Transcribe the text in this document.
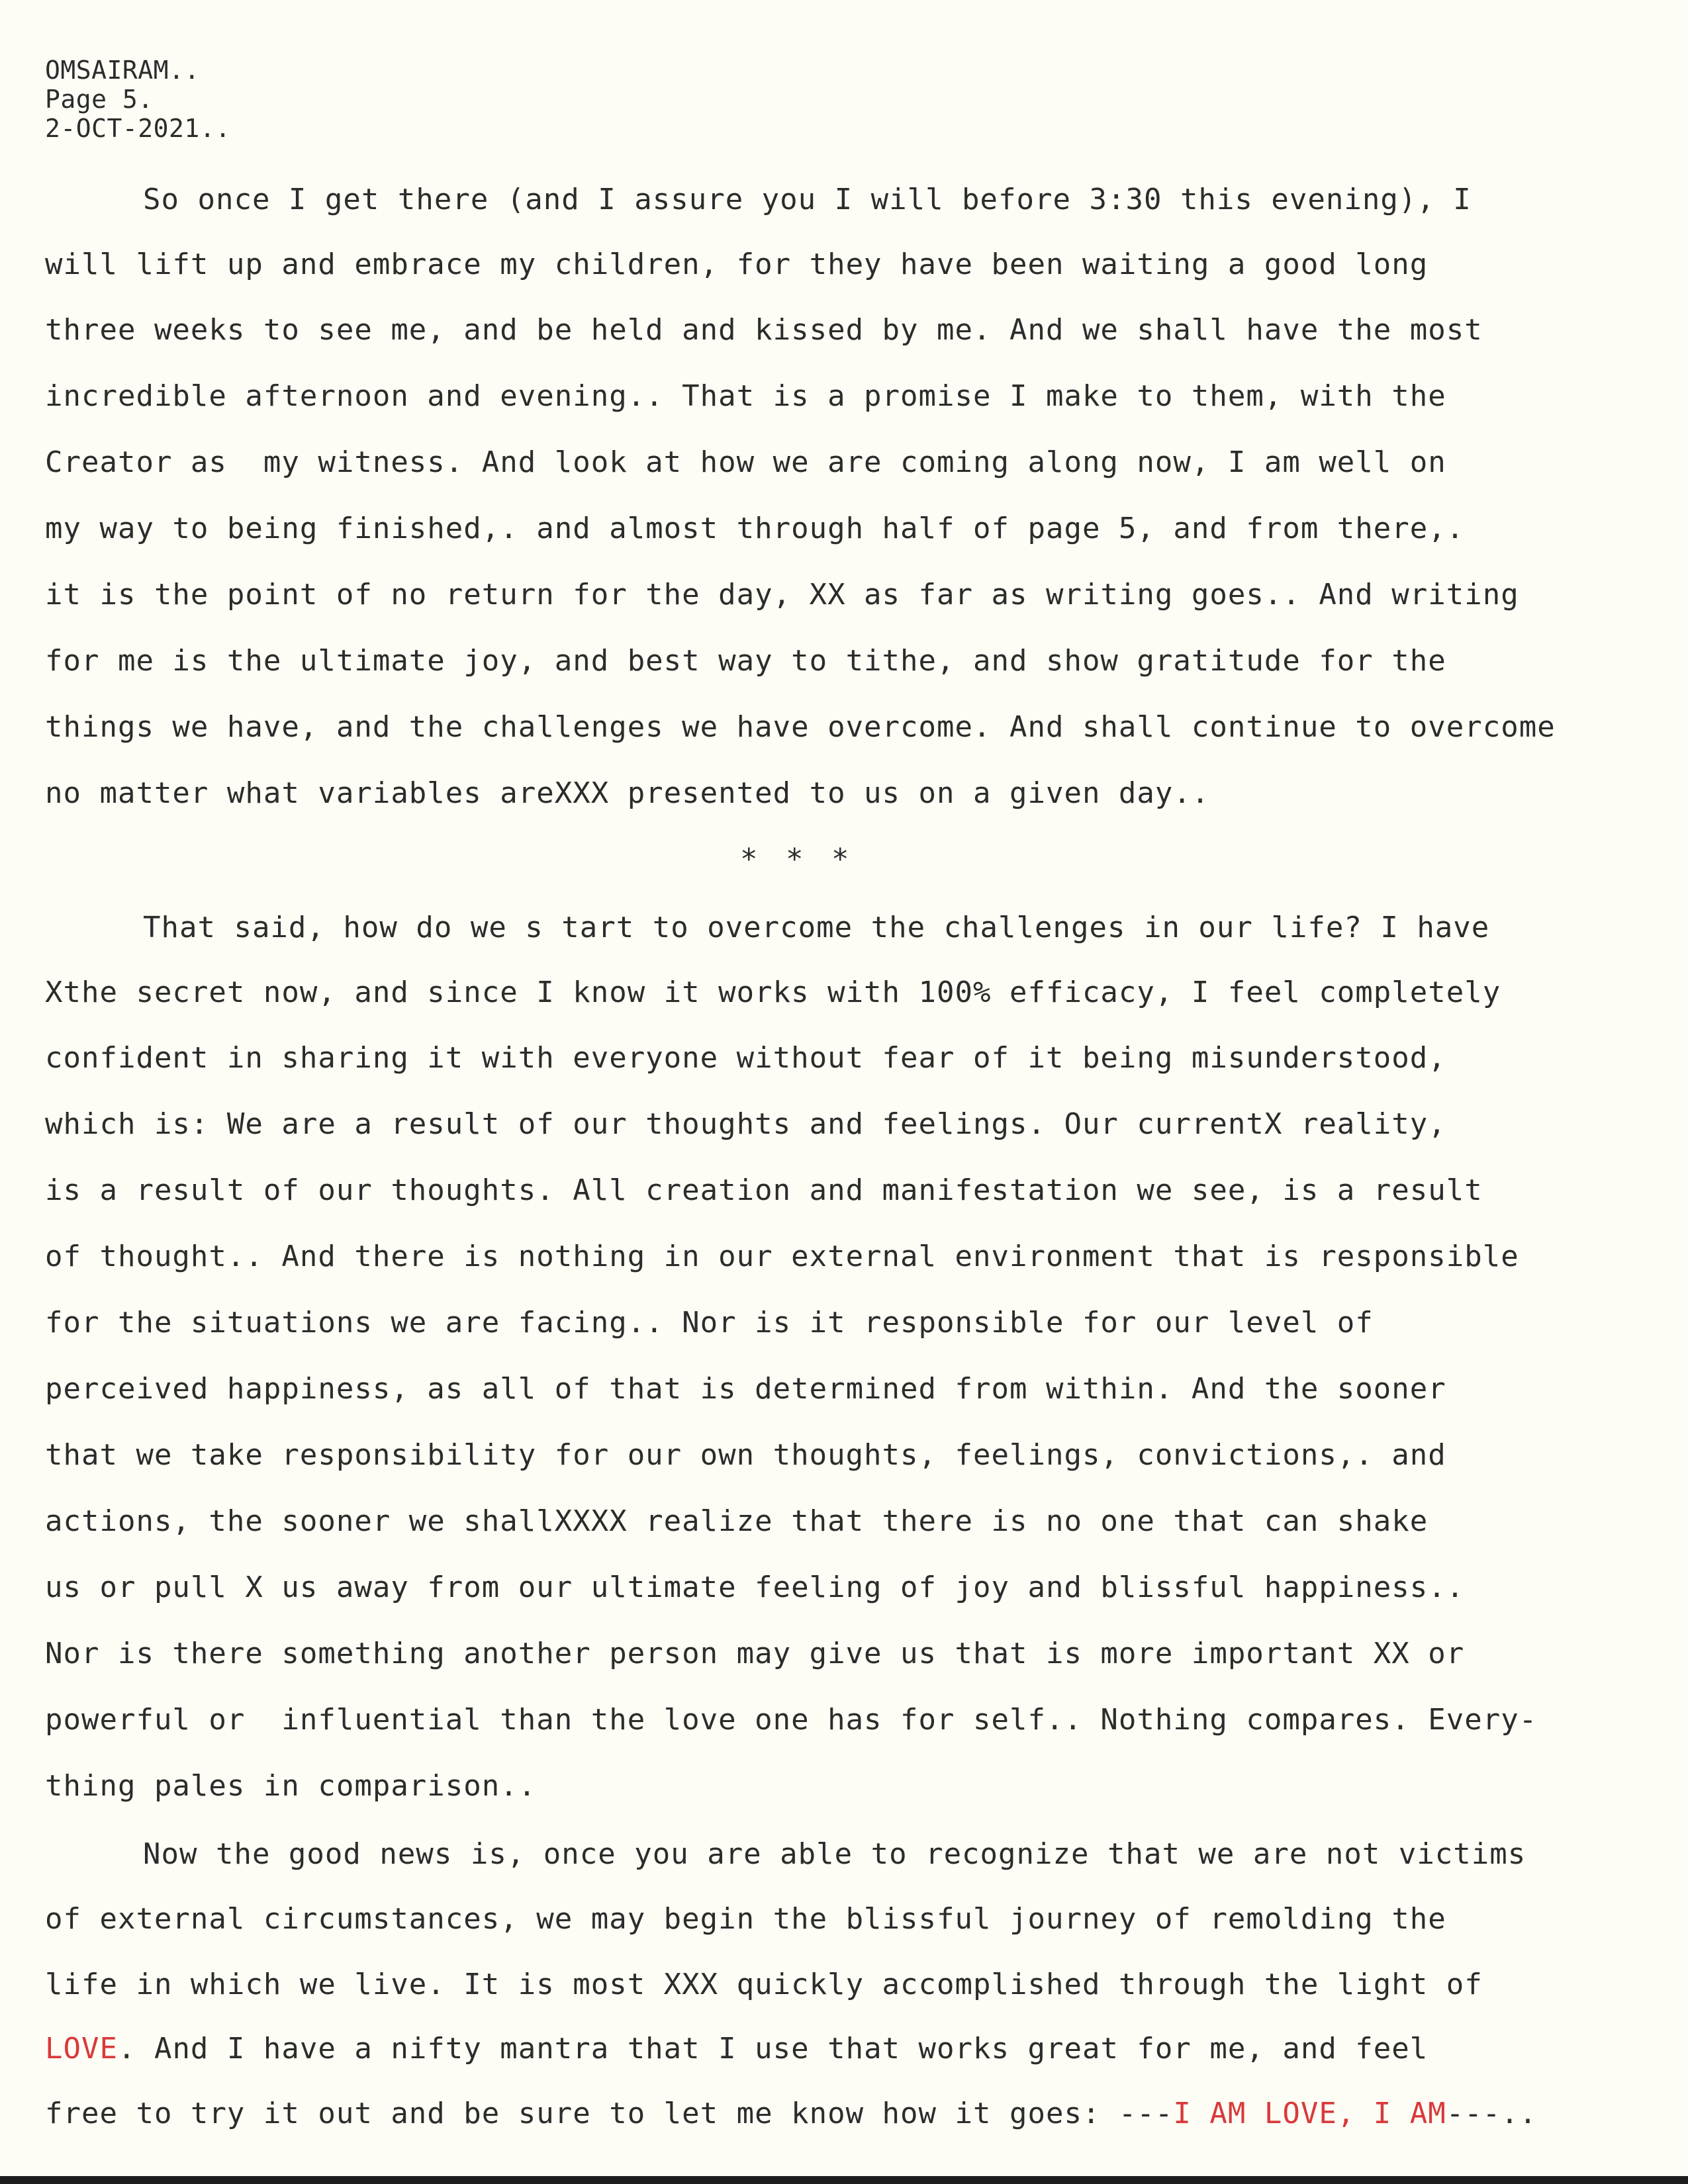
OMSAIRAM..
Page 5.
2-OCT-2021..
So once I get there (and I assure you I will before 3:30 this evening), I
will lift up and embrace my children, for they have been waiting a good long
three weeks to see me, and be held and kissed by me. And we shall have the most
incredible afternoon and evening.. That is a promise I make to them, with the
Creator as  my witness. And look at how we are coming along now, I am well on
my way to being finished,. and almost through half of page 5, and from there,.
it is the point of no return for the day, XX as far as writing goes.. And writing
for me is the ultimate joy, and best way to tithe, and show gratitude for the
things we have, and the challenges we have overcome. And shall continue to overcome
no matter what variables areXXX presented to us on a given day..
* * *
That said, how do we s tart to overcome the challenges in our life? I have
Xthe secret now, and since I know it works with 100% efficacy, I feel completely
confident in sharing it with everyone without fear of it being misunderstood,
which is: We are a result of our thoughts and feelings. Our currentX reality,
is a result of our thoughts. All creation and manifestation we see, is a result
of thought.. And there is nothing in our external environment that is responsible
for the situations we are facing.. Nor is it responsible for our level of
perceived happiness, as all of that is determined from within. And the sooner
that we take responsibility for our own thoughts, feelings, convictions,. and
actions, the sooner we shallXXXX realize that there is no one that can shake
us or pull X us away from our ultimate feeling of joy and blissful happiness..
Nor is there something another person may give us that is more important XX or
powerful or  influential than the love one has for self.. Nothing compares. Every-
thing pales in comparison..
Now the good news is, once you are able to recognize that we are not victims
of external circumstances, we may begin the blissful journey of remolding the
life in which we live. It is most XXX quickly accomplished through the light of
LOVE. And I have a nifty mantra that I use that works great for me, and feel
free to try it out and be sure to let me know how it goes: ---I AM LOVE, I AM---..
